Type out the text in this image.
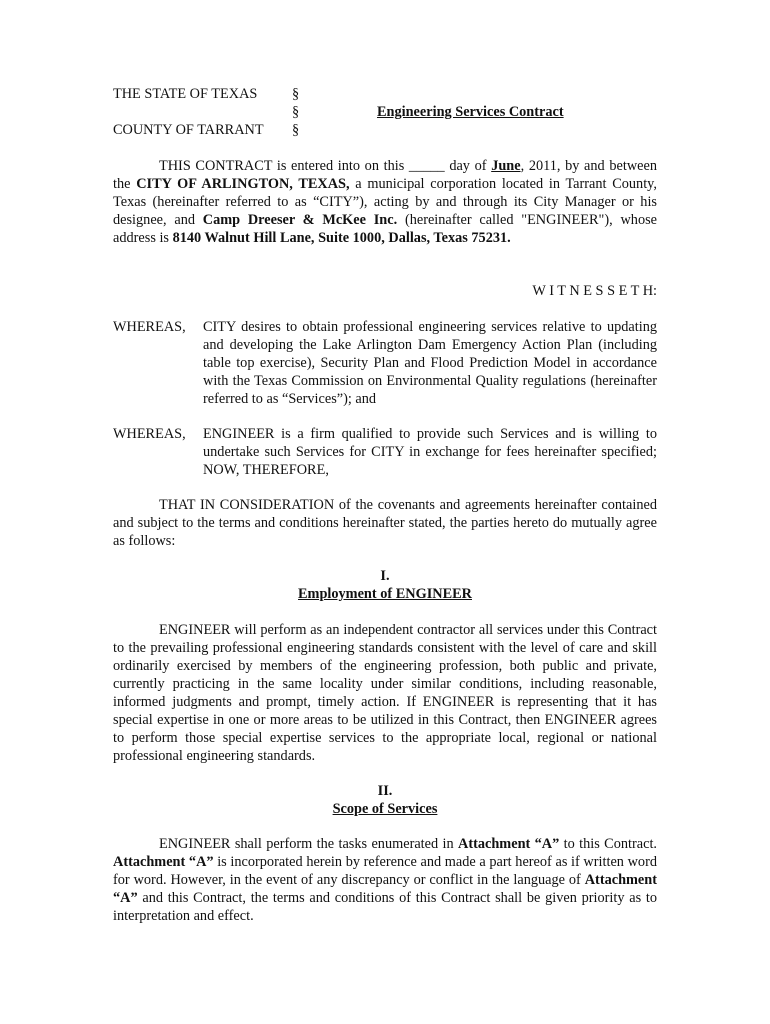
THE STATE OF TEXAS
COUNTY OF TARRANT
§
§
§
Engineering Services Contract
THIS CONTRACT is entered into on this _____ day of June, 2011, by and between the CITY OF ARLINGTON, TEXAS, a municipal corporation located in Tarrant County, Texas (hereinafter referred to as “CITY”), acting by and through its City Manager or his designee, and Camp Dreeser & McKee Inc. (hereinafter called "ENGINEER"), whose address is 8140 Walnut Hill Lane, Suite 1000, Dallas, Texas 75231.
W I T N E S S E T H:
WHEREAS, CITY desires to obtain professional engineering services relative to updating and developing the Lake Arlington Dam Emergency Action Plan (including table top exercise), Security Plan and Flood Prediction Model in accordance with the Texas Commission on Environmental Quality regulations (hereinafter referred to as “Services”); and
WHEREAS, ENGINEER is a firm qualified to provide such Services and is willing to undertake such Services for CITY in exchange for fees hereinafter specified; NOW, THEREFORE,
THAT IN CONSIDERATION of the covenants and agreements hereinafter contained and subject to the terms and conditions hereinafter stated, the parties hereto do mutually agree as follows:
I.
Employment of ENGINEER
ENGINEER will perform as an independent contractor all services under this Contract to the prevailing professional engineering standards consistent with the level of care and skill ordinarily exercised by members of the engineering profession, both public and private, currently practicing in the same locality under similar conditions, including reasonable, informed judgments and prompt, timely action. If ENGINEER is representing that it has special expertise in one or more areas to be utilized in this Contract, then ENGINEER agrees to perform those special expertise services to the appropriate local, regional or national professional engineering standards.
II.
Scope of Services
ENGINEER shall perform the tasks enumerated in Attachment “A” to this Contract. Attachment “A” is incorporated herein by reference and made a part hereof as if written word for word. However, in the event of any discrepancy or conflict in the language of Attachment “A” and this Contract, the terms and conditions of this Contract shall be given priority as to interpretation and effect.
